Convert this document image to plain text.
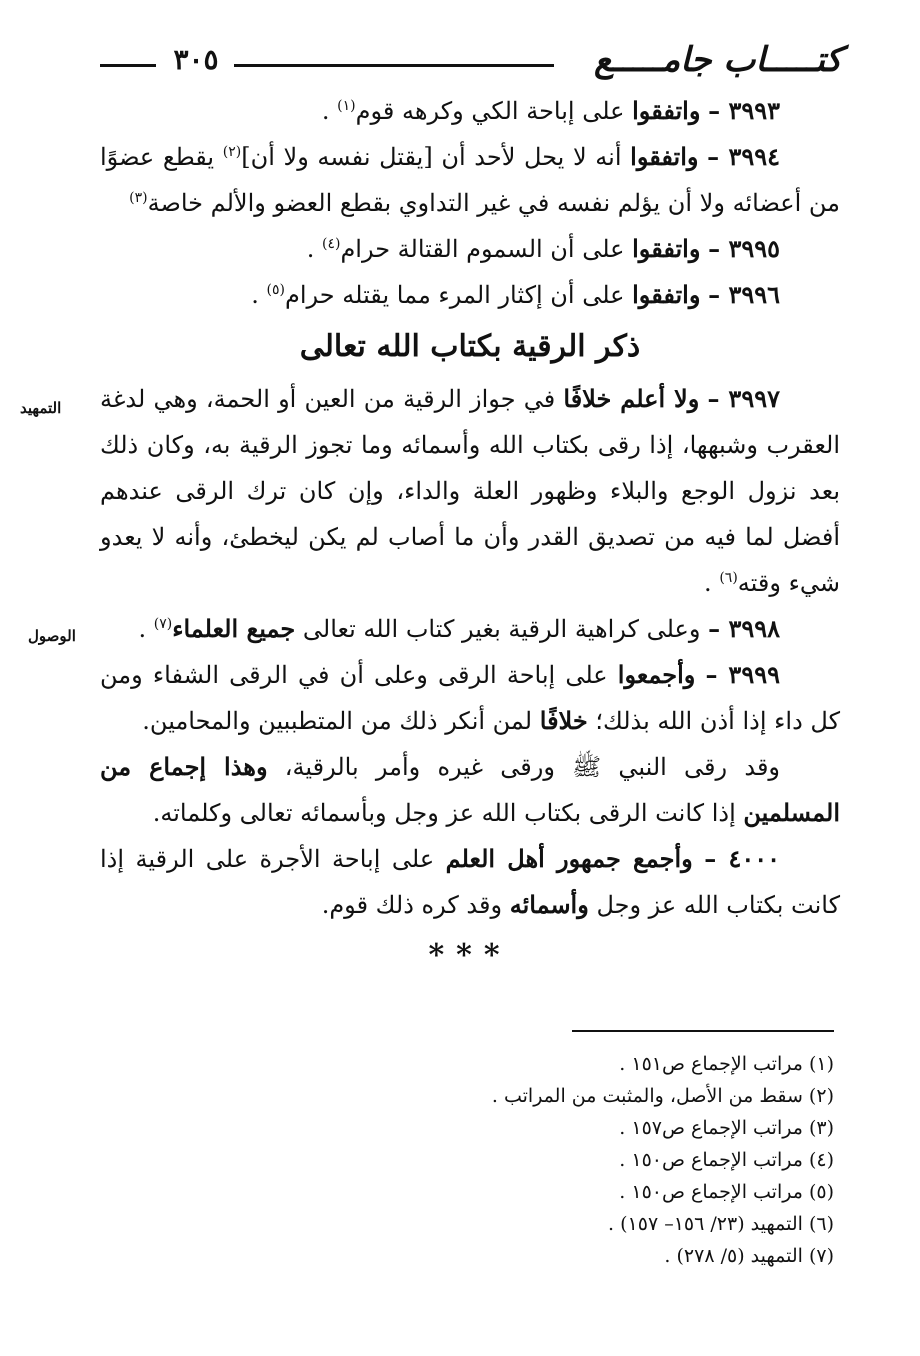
كتـــــاب جامـــــع
٣٠٥

٣٩٩٣ – واتفقوا على إباحة الكي وكرهه قوم$^{(١)}$ .

٣٩٩٤ – واتفقوا أنه لا يحل لأحد أن [يقتل نفسه ولا أن]$^{(٢)}$ يقطع عضوًا من أعضائه ولا أن يؤلم نفسه في غير التداوي بقطع العضو والألم خاصة$^{(٣)}$

٣٩٩٥ – واتفقوا على أن السموم القتالة حرام$^{(٤)}$ .

٣٩٩٦ – واتفقوا على أن إكثار المرء مما يقتله حرام$^{(٥)}$ .

ذكر الرقية بكتاب الله تعالى

٣٩٩٧ – ولا أعلم خلافًا في جواز الرقية من العين أو الحمة، وهي لدغة العقرب وشبهها، إذا رقى بكتاب الله وأسمائه وما تجوز الرقية به، وكان ذلك بعد نزول الوجع والبلاء وظهور العلة والداء، وإن كان ترك الرقى عندهم أفضل لما فيه من تصديق القدر وأن ما أصاب لم يكن ليخطئ، وأنه لا يعدو شيء وقته$^{(٦)}$ .

٣٩٩٨ – وعلى كراهية الرقية بغير كتاب الله تعالى جميع العلماء$^{(٧)}$ .

٣٩٩٩ – وأجمعوا على إباحة الرقى وعلى أن في الرقى الشفاء ومن كل داء إذا أذن الله بذلك؛ خلافًا لمن أنكر ذلك من المتطببين والمحامين.

وقد رقى النبي ﷺ ورقى غيره وأمر بالرقية، وهذا إجماع من المسلمين إذا كانت الرقى بكتاب الله عز وجل وبأسمائه تعالى وكلماته.

٤٠٠٠ – وأجمع جمهور أهل العلم على إباحة الأجرة على الرقية إذا كانت بكتاب الله عز وجل وأسمائه وقد كره ذلك قوم.

***

التمهيد
الوصول

(١) مراتب الإجماع ص١٥١ .

(٢) سقط من الأصل، والمثبت من المراتب .

(٣) مراتب الإجماع ص١٥٧ .

(٤) مراتب الإجماع ص١٥٠ .

(٥) مراتب الإجماع ص١٥٠ .

(٦) التمهيد (٢٣/ ١٥٦– ١٥٧) .

(٧) التمهيد (٥/ ٢٧٨) .
